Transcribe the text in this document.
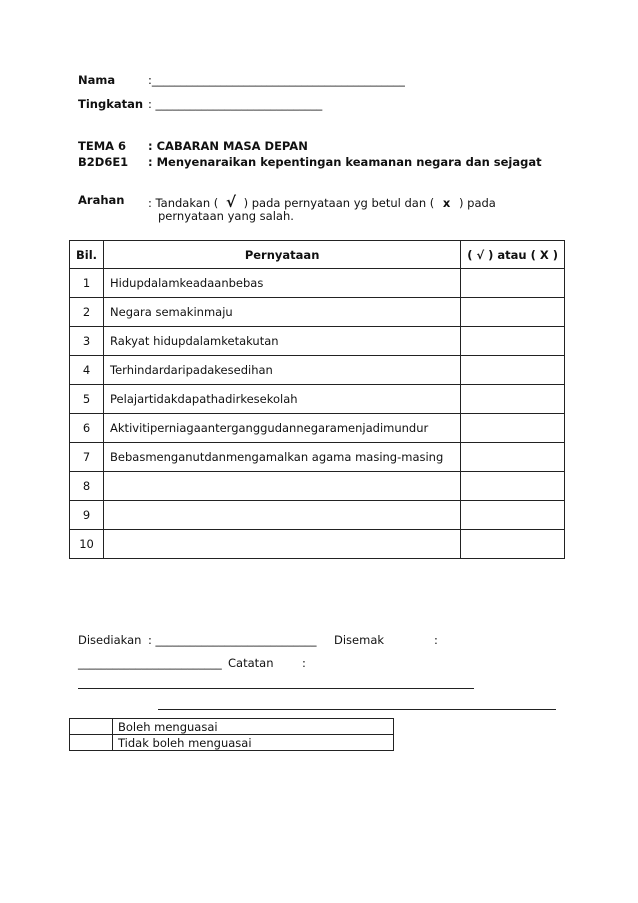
Nama	:____________________________________________
Tingkatan : _____________________________
TEMA 6 : CABARAN MASA DEPAN
B2D6E1 : Menyenaraikan kepentingan keamanan negara dan sejagat
Arahan : Tandakan ( √ ) pada pernyataan yg betul dan ( x ) pada
pernyataan yang salah.
Bil.	Pernyataan	( √ ) atau ( X )
1	Hidupdalamkeadaanbebas	
2	Negara semakinmaju	
3	Rakyat hidupdalamketakutan	
4	Terhindardaripadakesedihan	
5	Pelajartidakdapathadirkesekolah	
6	Aktivitiperniagaanterganggudannegaramenjadimundur	
7	Bebasmenganutdanmengamalkan agama masing-masing	
8		
9		
10		
Disediakan : ____________________________ Disemak	:
_________________________ Catatan :
	Boleh menguasai
	Tidak boleh menguasai
